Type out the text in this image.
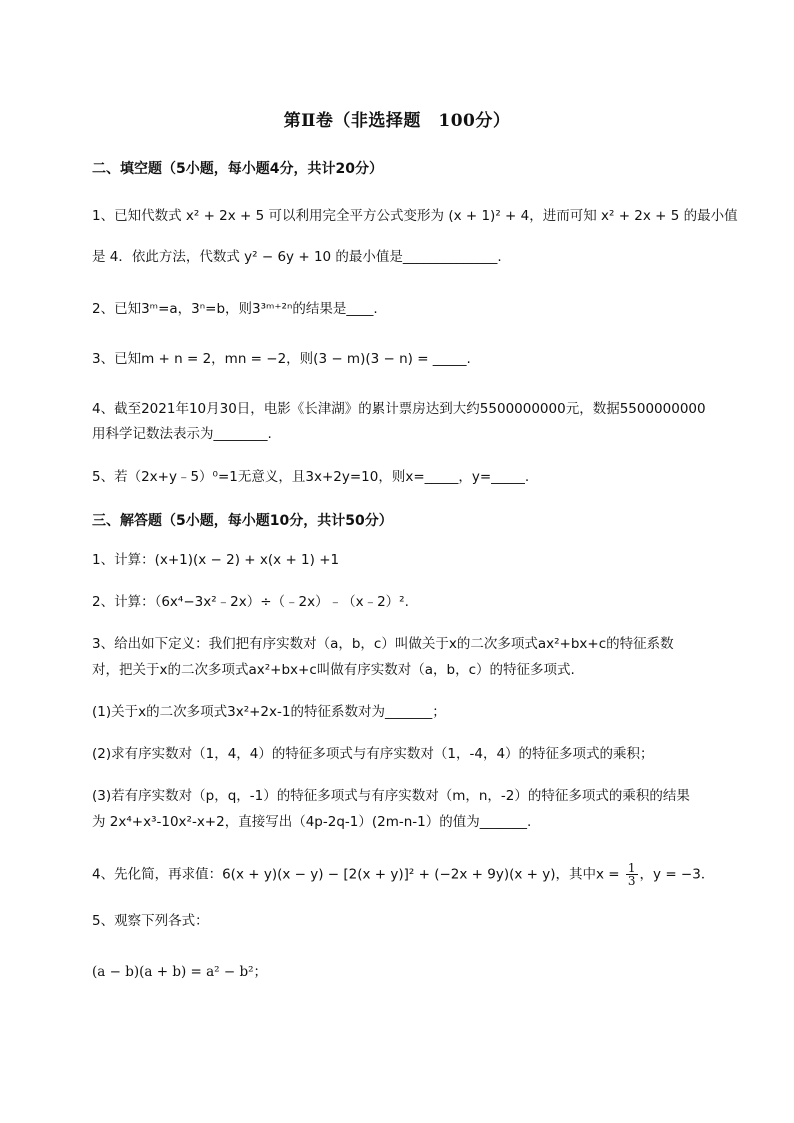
第Ⅱ卷（非选择题　100分）
二、填空题（5小题，每小题4分，共计20分）
1、已知代数式 x² + 2x + 5 可以利用完全平方公式变形为 (x + 1)² + 4，进而可知 x² + 2x + 5 的最小值
是 4．依此方法，代数式 y² − 6y + 10 的最小值是______________.
2、已知3ᵐ=a，3ⁿ=b，则3³ᵐ⁺²ⁿ的结果是____.
3、已知m + n = 2，mn = −2，则(3 − m)(3 − n) = _____.
4、截至2021年10月30日，电影《长津湖》的累计票房达到大约5500000000元，数据5500000000
用科学记数法表示为________.
5、若（2x+y﹣5）⁰=1无意义，且3x+2y=10，则x=_____，y=_____.
三、解答题（5小题，每小题10分，共计50分）
1、计算：(x+1)(x − 2) + x(x + 1) +1
2、计算：（6x⁴−3x²﹣2x）÷（﹣2x）﹣（x﹣2）².
3、给出如下定义：我们把有序实数对（a，b，c）叫做关于x的二次多项式ax²+bx+c的特征系数
对，把关于x的二次多项式ax²+bx+c叫做有序实数对（a，b，c）的特征多项式.
(1)关于x的二次多项式3x²+2x-1的特征系数对为_______；
(2)求有序实数对（1，4，4）的特征多项式与有序实数对（1，-4，4）的特征多项式的乘积；
(3)若有序实数对（p，q，-1）的特征多项式与有序实数对（m，n，-2）的特征多项式的乘积的结果
为 2x⁴+x³-10x²-x+2，直接写出（4p-2q-1）(2m-n-1）的值为_______.
4、先化简，再求值：6(x + y)(x − y) − [2(x + y)]² + (−2x + 9y)(x + y)，其中$x = \frac{1}{3}$ ，y = −3．
5、观察下列各式：
(a − b)(a + b) = a² − b²；
